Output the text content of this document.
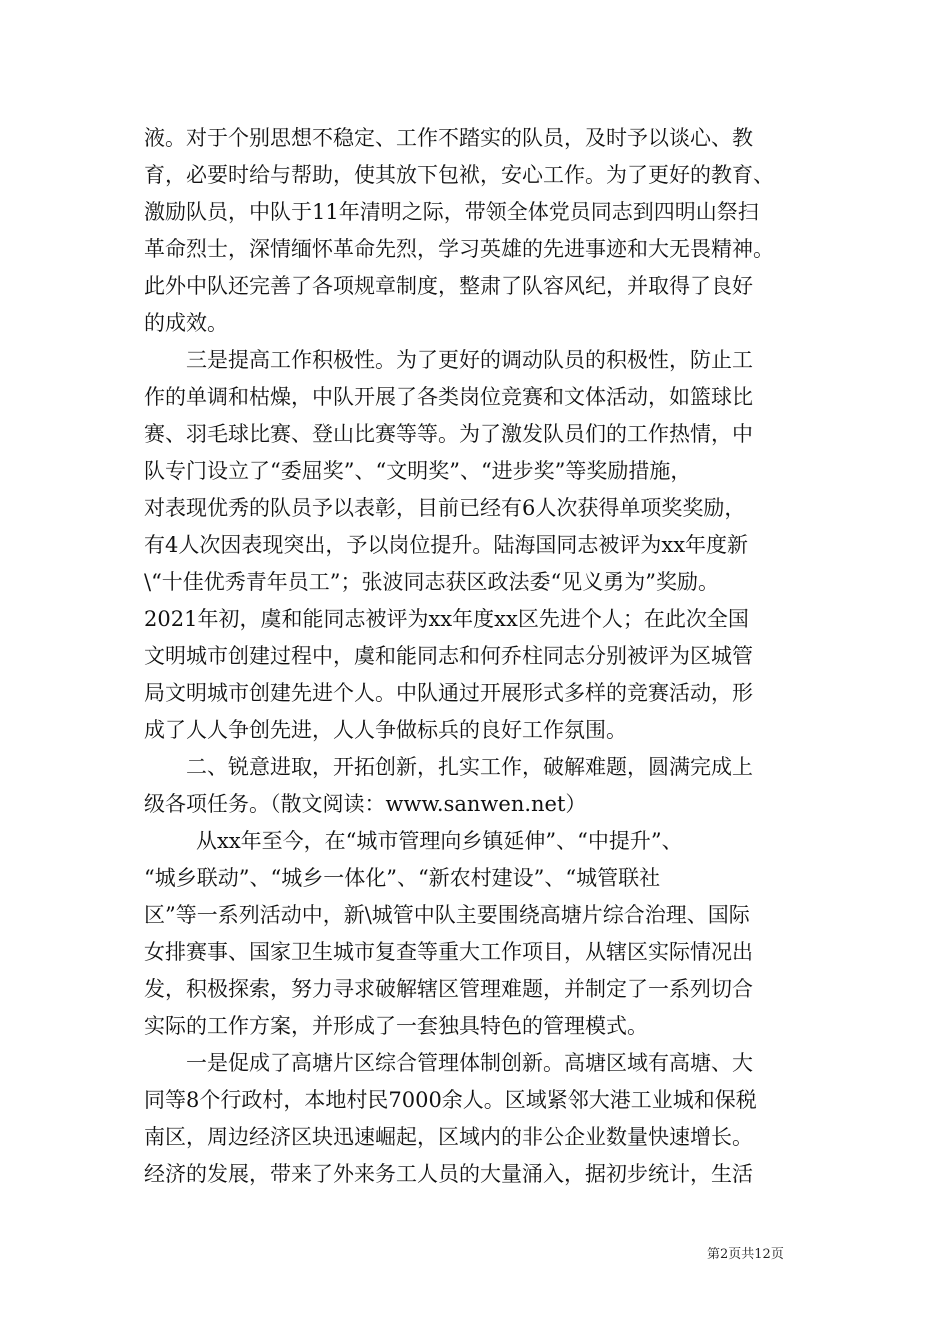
液。对于个别思想不稳定、工作不踏实的队员，及时予以谈心、教
育，必要时给与帮助，使其放下包袱，安心工作。为了更好的教育、
激励队员，中队于11年清明之际，带领全体党员同志到四明山祭扫
革命烈士，深情缅怀革命先烈，学习英雄的先进事迹和大无畏精神。
此外中队还完善了各项规章制度，整肃了队容风纪，并取得了良好
的成效。
三是提高工作积极性。为了更好的调动队员的积极性，防止工
作的单调和枯燥，中队开展了各类岗位竞赛和文体活动，如篮球比
赛、羽毛球比赛、登山比赛等等。为了激发队员们的工作热情，中
队专门设立了“委屈奖”、“文明奖”、“进步奖”等奖励措施，
对表现优秀的队员予以表彰，目前已经有6人次获得单项奖奖励，
有4人次因表现突出，予以岗位提升。陆海国同志被评为xx年度新
\“十佳优秀青年员工”；张波同志获区政法委“见义勇为”奖励。
2021年初，虞和能同志被评为xx年度xx区先进个人；在此次全国
文明城市创建过程中，虞和能同志和何乔柱同志分别被评为区城管
局文明城市创建先进个人。中队通过开展形式多样的竞赛活动，形
成了人人争创先进，人人争做标兵的良好工作氛围。
二、锐意进取，开拓创新，扎实工作，破解难题，圆满完成上
级各项任务。（散文阅读：www.sanwen.net）
从xx年至今，在“城市管理向乡镇延伸”、“中提升”、
“城乡联动”、“城乡一体化”、“新农村建设”、“城管联社
区”等一系列活动中，新\城管中队主要围绕高塘片综合治理、国际
女排赛事、国家卫生城市复查等重大工作项目，从辖区实际情况出
发，积极探索，努力寻求破解辖区管理难题，并制定了一系列切合
实际的工作方案，并形成了一套独具特色的管理模式。
一是促成了高塘片区综合管理体制创新。高塘区域有高塘、大
同等8个行政村，本地村民7000余人。区域紧邻大港工业城和保税
南区，周边经济区块迅速崛起，区域内的非公企业数量快速增长。
经济的发展，带来了外来务工人员的大量涌入，据初步统计，生活
第2页共12页
